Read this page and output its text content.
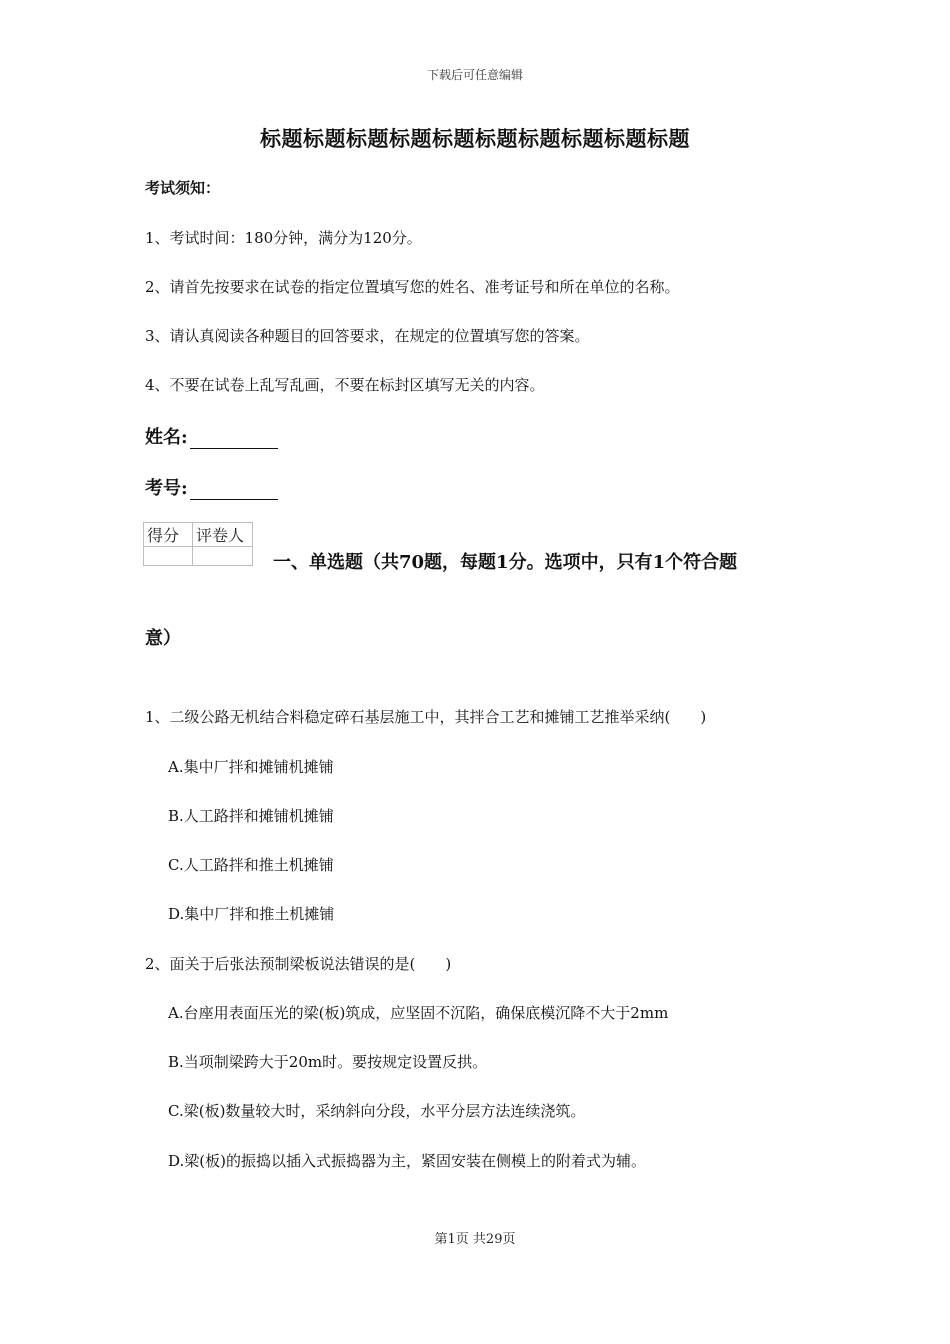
下载后可任意编辑
标题标题标题标题标题标题标题标题标题标题
考试须知：
1、考试时间：180分钟，满分为120分。
2、请首先按要求在试卷的指定位置填写您的姓名、准考证号和所在单位的名称。
3、请认真阅读各种题目的回答要求，在规定的位置填写您的答案。
4、不要在试卷上乱写乱画，不要在标封区填写无关的内容。
姓名:
考号:
得分	评卷人

一、单选题（共70题，每题1分。选项中，只有1个符合题
意）
1、二级公路无机结合料稳定碎石基层施工中，其拌合工艺和摊铺工艺推举采纳(　　)
A.集中厂拌和摊铺机摊铺
B.人工路拌和摊铺机摊铺
C.人工路拌和推土机摊铺
D.集中厂拌和推土机摊铺
2、面关于后张法预制梁板说法错误的是(　　)
A.台座用表面压光的梁(板)筑成，应坚固不沉陷，确保底模沉降不大于2mm
B.当项制梁跨大于20m时。要按规定设置反拱。
C.梁(板)数量较大时，采纳斜向分段，水平分层方法连续浇筑。
D.梁(板)的振捣以插入式振捣器为主，紧固安装在侧模上的附着式为辅。
第1页 共29页
